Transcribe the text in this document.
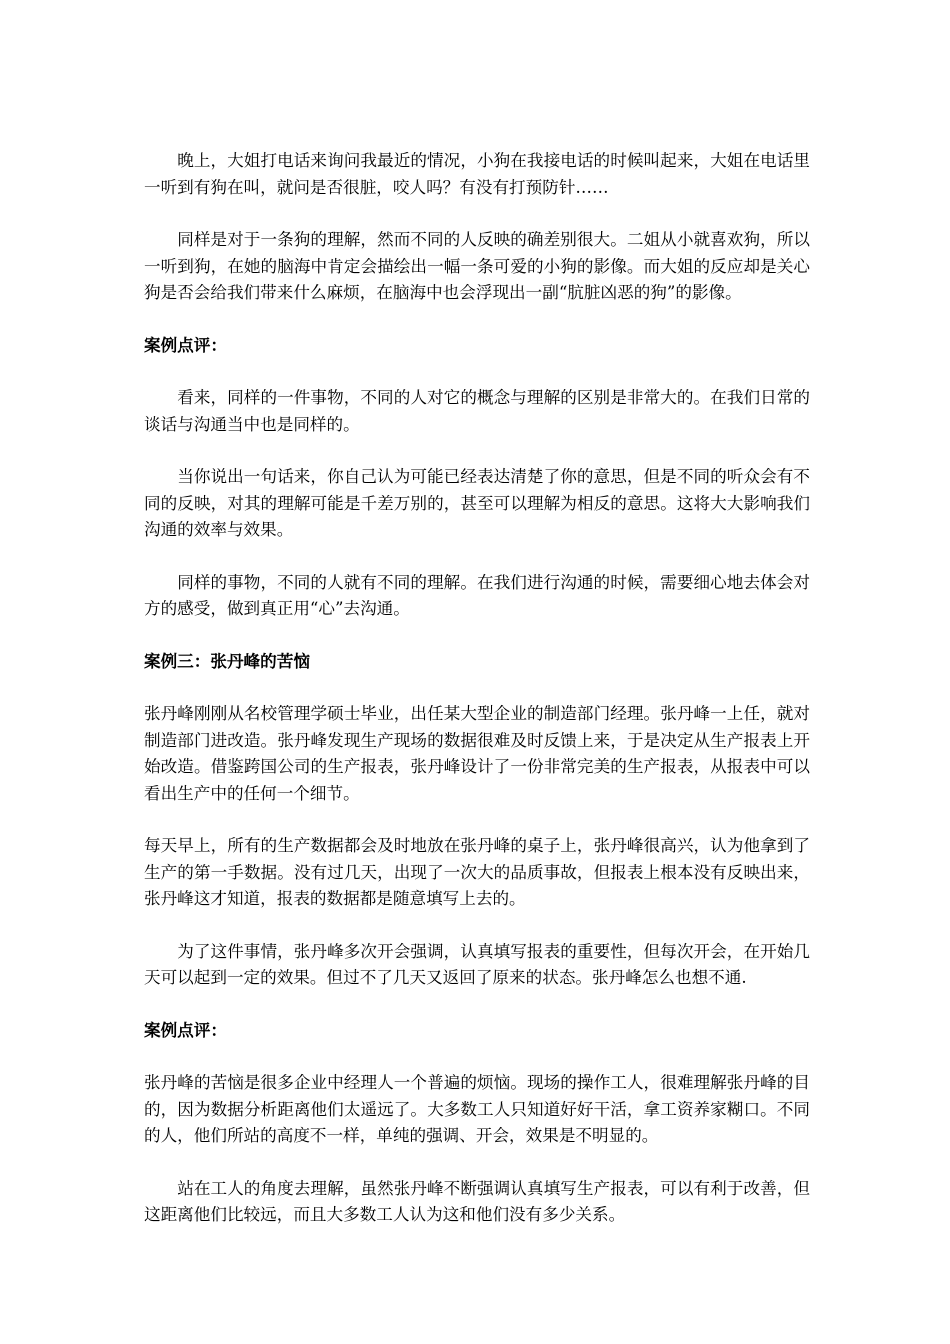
晚上，大姐打电话来询问我最近的情况，小狗在我接电话的时候叫起来，大姐在电话里一听到有狗在叫，就问是否很脏，咬人吗？有没有打预防针……

同样是对于一条狗的理解，然而不同的人反映的确差别很大。二姐从小就喜欢狗，所以一听到狗，在她的脑海中肯定会描绘出一幅一条可爱的小狗的影像。而大姐的反应却是关心狗是否会给我们带来什么麻烦，在脑海中也会浮现出一副“肮脏凶恶的狗”的影像。

案例点评：

看来，同样的一件事物，不同的人对它的概念与理解的区别是非常大的。在我们日常的谈话与沟通当中也是同样的。

当你说出一句话来，你自己认为可能已经表达清楚了你的意思，但是不同的听众会有不同的反映，对其的理解可能是千差万别的，甚至可以理解为相反的意思。这将大大影响我们沟通的效率与效果。

同样的事物，不同的人就有不同的理解。在我们进行沟通的时候，需要细心地去体会对方的感受，做到真正用“心”去沟通。

案例三：张丹峰的苦恼

张丹峰刚刚从名校管理学硕士毕业，出任某大型企业的制造部门经理。张丹峰一上任，就对制造部门进改造。张丹峰发现生产现场的数据很难及时反馈上来，于是决定从生产报表上开始改造。借鉴跨国公司的生产报表，张丹峰设计了一份非常完美的生产报表，从报表中可以看出生产中的任何一个细节。

每天早上，所有的生产数据都会及时地放在张丹峰的桌子上，张丹峰很高兴，认为他拿到了生产的第一手数据。没有过几天，出现了一次大的品质事故，但报表上根本没有反映出来，张丹峰这才知道，报表的数据都是随意填写上去的。

为了这件事情，张丹峰多次开会强调，认真填写报表的重要性，但每次开会，在开始几天可以起到一定的效果。但过不了几天又返回了原来的状态。张丹峰怎么也想不通.

案例点评：

张丹峰的苦恼是很多企业中经理人一个普遍的烦恼。现场的操作工人，很难理解张丹峰的目的，因为数据分析距离他们太遥远了。大多数工人只知道好好干活，拿工资养家糊口。不同的人，他们所站的高度不一样，单纯的强调、开会，效果是不明显的。

站在工人的角度去理解，虽然张丹峰不断强调认真填写生产报表，可以有利于改善，但这距离他们比较远，而且大多数工人认为这和他们没有多少关系。
